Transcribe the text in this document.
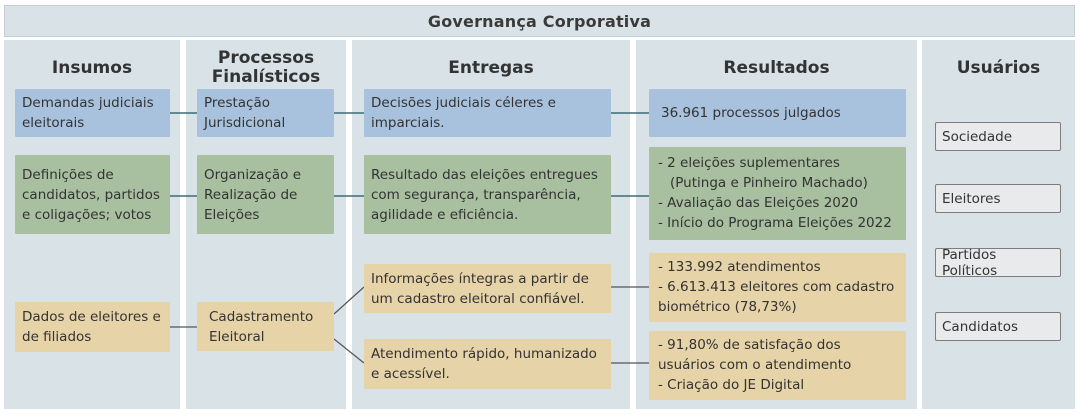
Governança Corporativa
Insumos	Processos Finalísticos	Entregas	Resultados	Usuários
Demandas judiciais eleitorais
Definições de candidatos, partidos e coligações; votos
Dados de eleitores e de filiados
Prestação Jurisdicional
Organização e Realização de Eleições
Cadastramento Eleitoral
Decisões judiciais céleres e imparciais.
Resultado das eleições entregues com segurança, transparência, agilidade e eficiência.
Informações íntegras a partir de um cadastro eleitoral confiável.
Atendimento rápido, humanizado e acessível.
36.961 processos julgados
- 2 eleições suplementares
(Putinga e Pinheiro Machado)
- Avaliação das Eleições 2020
- Início do Programa Eleições 2022
- 133.992 atendimentos
- 6.613.413 eleitores com cadastro
biométrico (78,73%)
- 91,80% de satisfação dos
usuários com o atendimento
- Criação do JE Digital
Sociedade
Eleitores
Partidos Políticos
Candidatos
